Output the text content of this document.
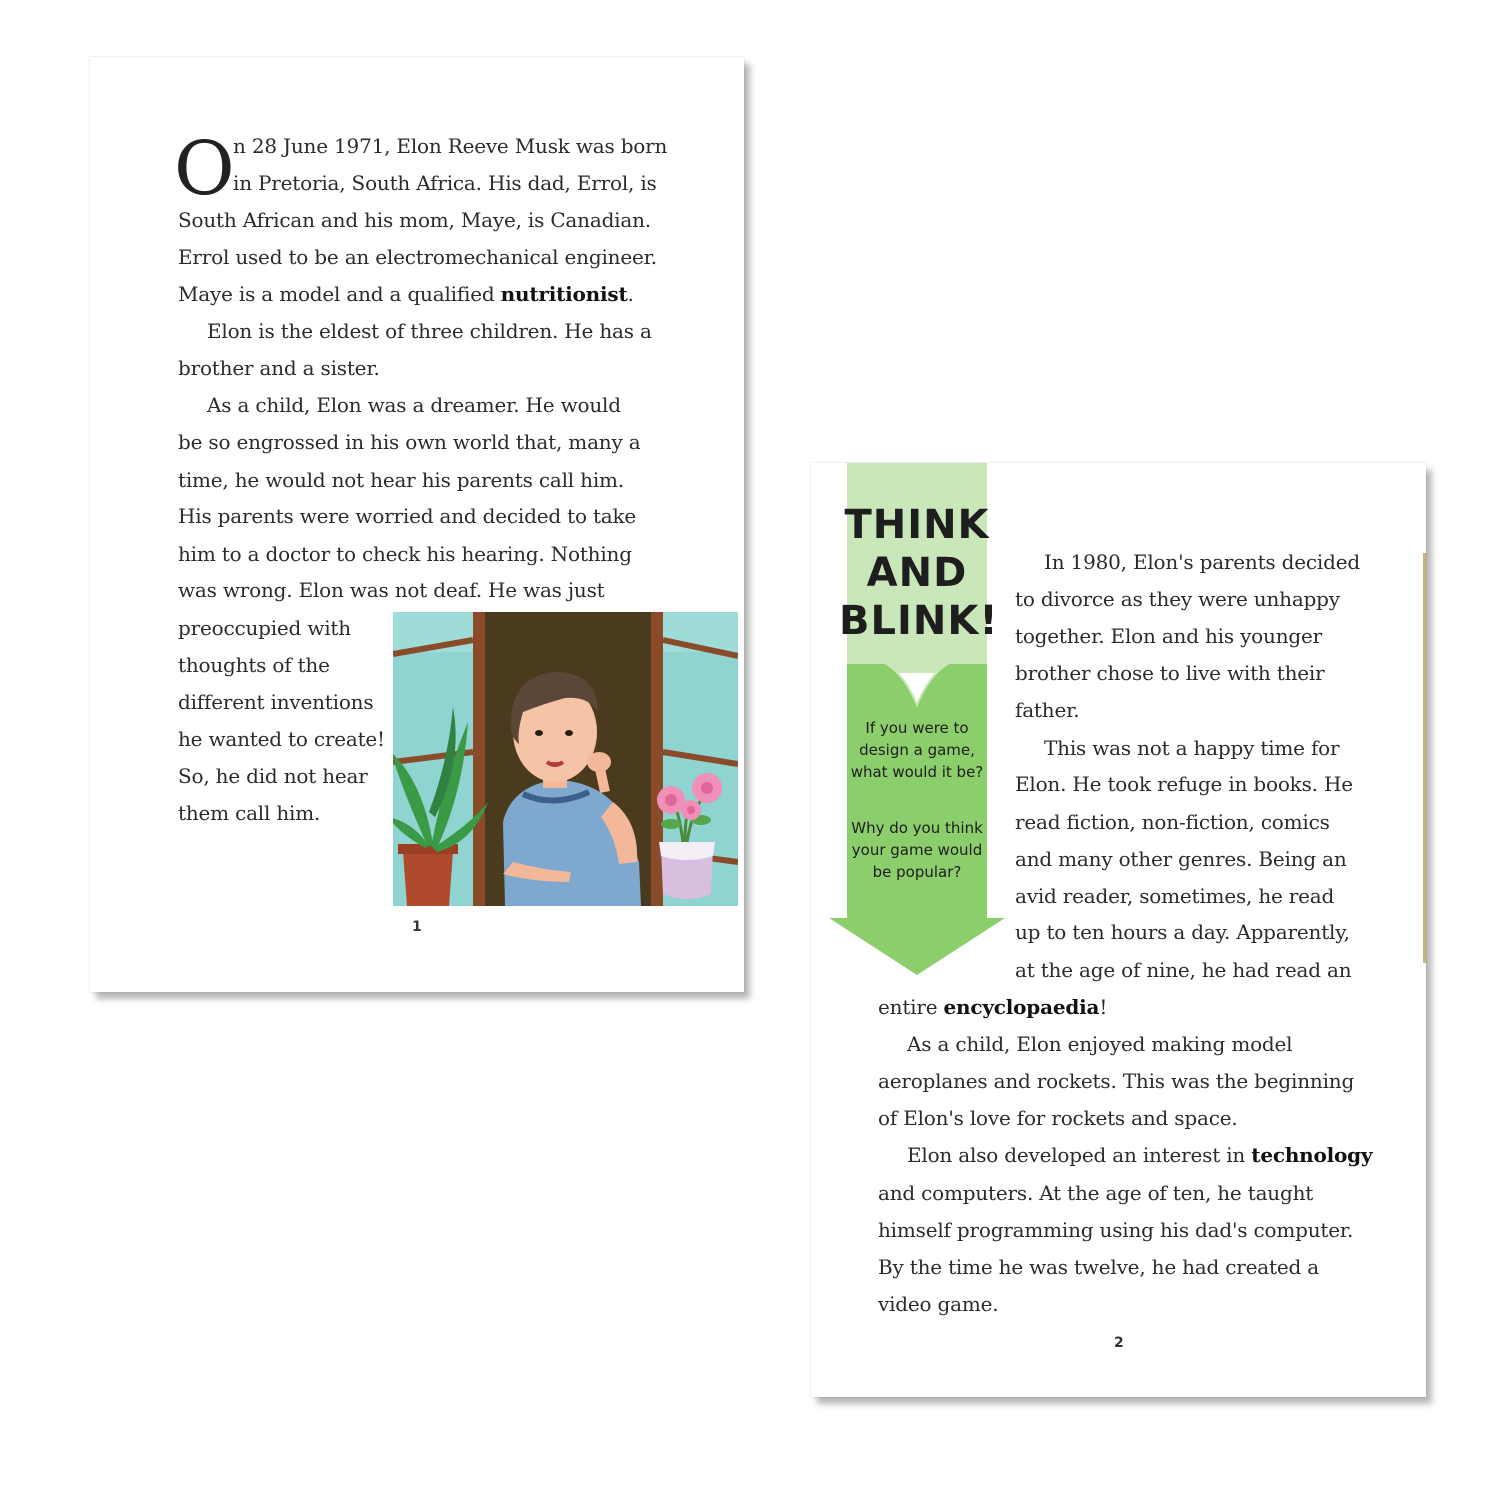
O
n 28 June 1971, Elon Reeve Musk was born
in Pretoria, South Africa. His dad, Errol, is
South African and his mom, Maye, is Canadian.
Errol used to be an electromechanical engineer.
Maye is a model and a qualified nutritionist.
Elon is the eldest of three children. He has a
brother and a sister.
As a child, Elon was a dreamer. He would
be so engrossed in his own world that, many a
time, he would not hear his parents call him.
His parents were worried and decided to take
him to a doctor to check his hearing. Nothing
was wrong. Elon was not deaf. He was just
preoccupied with
thoughts of the
different inventions
he wanted to create!
So, he did not hear
them call him.
1
THINK
AND
BLINK!
If you were to design a game, what would it be?
Why do you think your game would be popular?
In 1980, Elon's parents decided
to divorce as they were unhappy
together. Elon and his younger
brother chose to live with their
father.
This was not a happy time for
Elon. He took refuge in books. He
read fiction, non-fiction, comics
and many other genres. Being an
avid reader, sometimes, he read
up to ten hours a day. Apparently,
at the age of nine, he had read an
entire encyclopaedia!
As a child, Elon enjoyed making model
aeroplanes and rockets. This was the beginning
of Elon's love for rockets and space.
Elon also developed an interest in technology
and computers. At the age of ten, he taught
himself programming using his dad's computer.
By the time he was twelve, he had created a
video game.
2
